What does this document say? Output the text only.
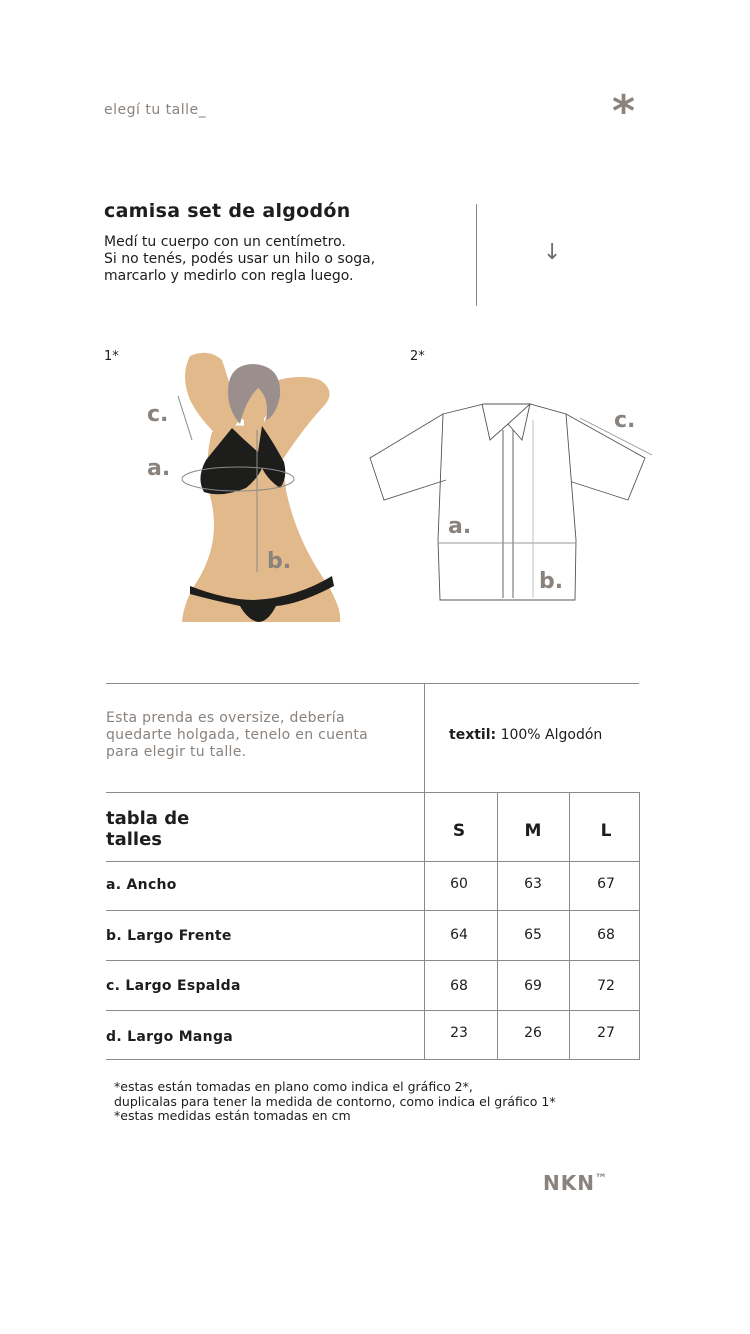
elegí tu talle_	*
camisa set de algodón
Medí tu cuerpo con un centímetro.
Si no tenés, podés usar un hilo o soga,
marcarlo y medirlo con regla luego.
↓
1*
c.
a.
b.
2*
a.
b.
c.
Esta prenda es oversize, debería
quedarte holgada, tenelo en cuenta
para elegir tu talle.
textil: 100% Algodón
tabla de
talles	S	M	L
a. Ancho	60	63	67
b. Largo Frente	64	65	68
c. Largo Espalda	68	69	72
d. Largo Manga	23	26	27
*estas están tomadas en plano como indica el gráfico 2*,
duplicalas para tener la medida de contorno, como indica el gráfico 1*
*estas medidas están tomadas en cm
NKN™
